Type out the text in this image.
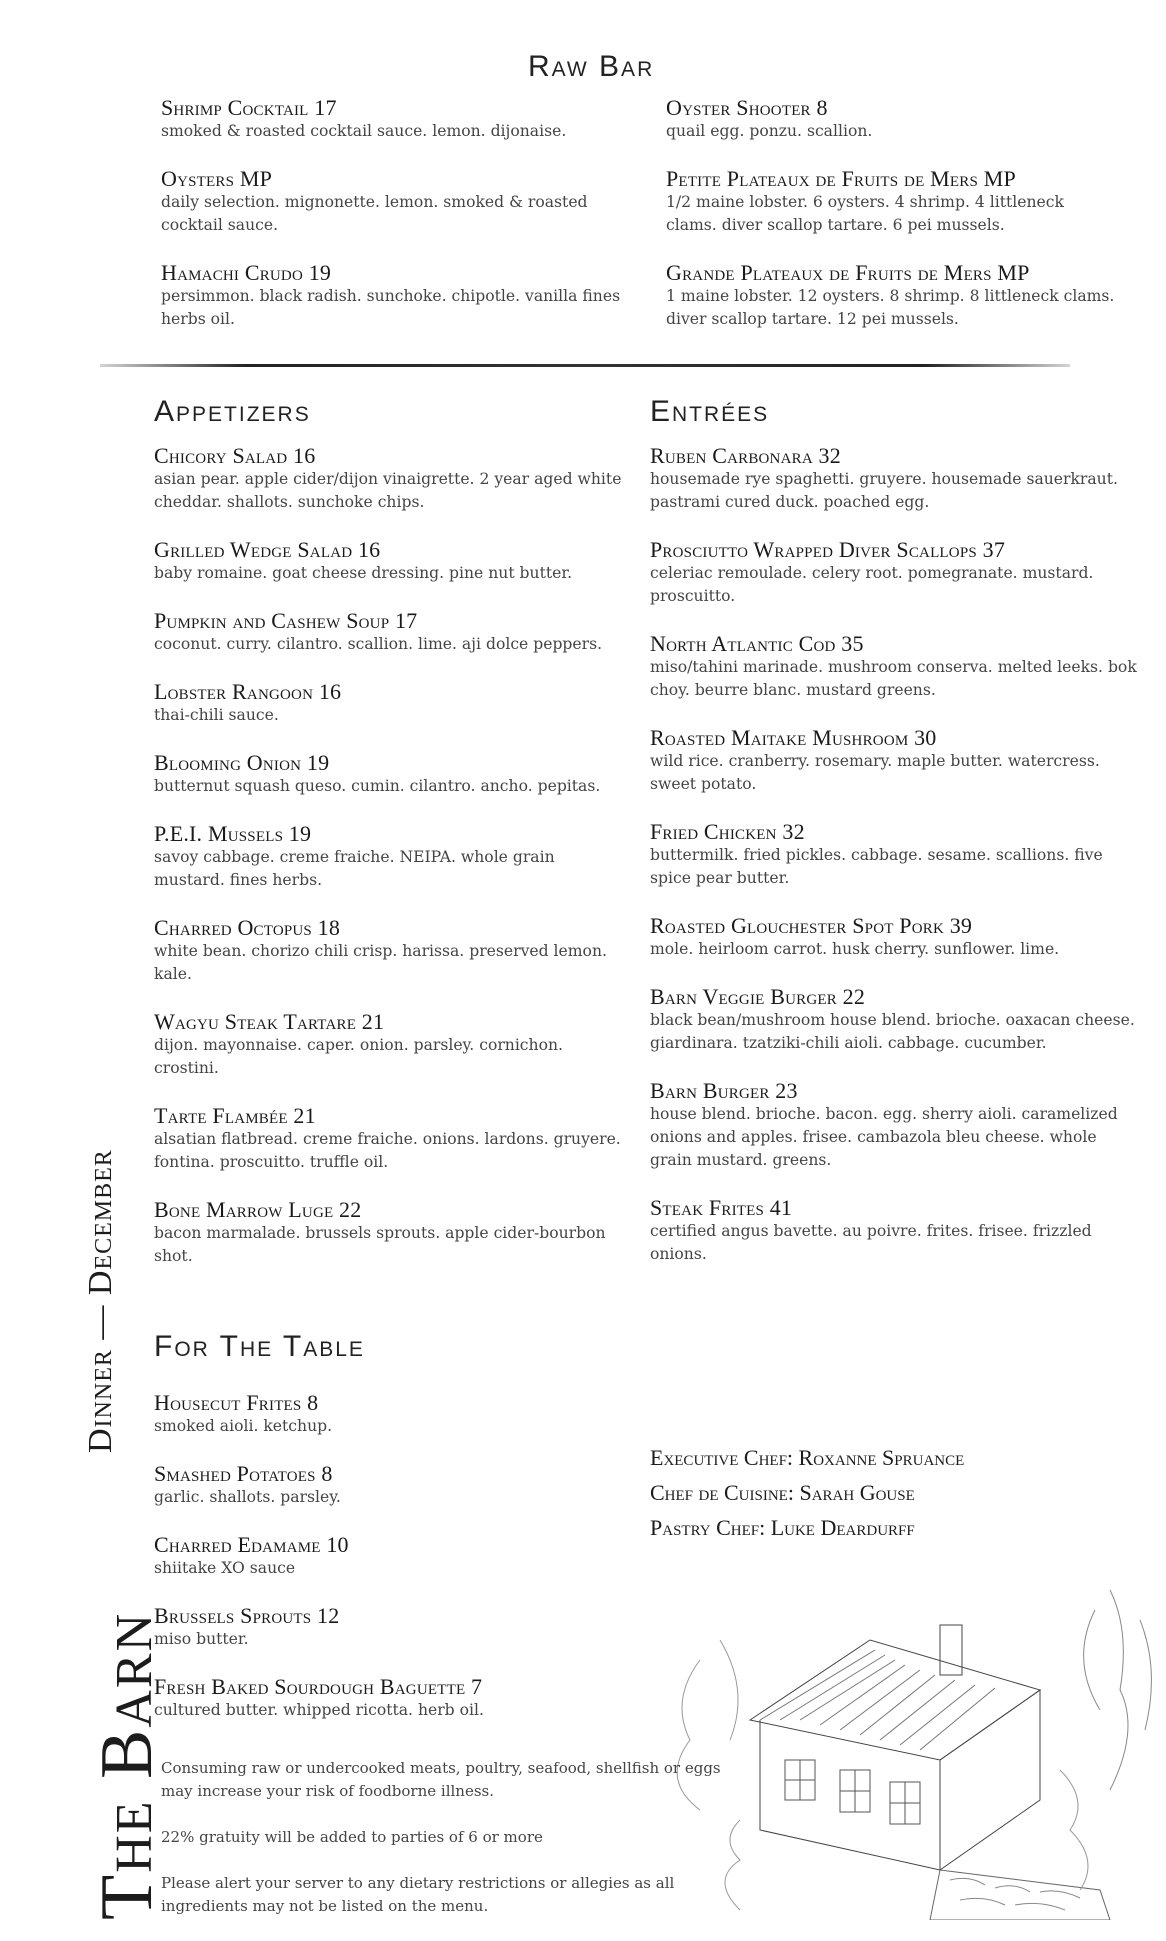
Raw Bar
Shrimp Cocktail 17
smoked & roasted cocktail sauce. lemon. dijonaise.
Oysters MP
daily selection. mignonette. lemon. smoked & roasted cocktail sauce.
Hamachi Crudo 19
persimmon. black radish. sunchoke. chipotle. vanilla fines herbs oil.
Oyster Shooter 8
quail egg. ponzu. scallion.
Petite Plateaux de Fruits de Mers MP
1/2 maine lobster. 6 oysters. 4 shrimp. 4 littleneck clams. diver scallop tartare. 6 pei mussels.
Grande Plateaux de Fruits de Mers MP
1 maine lobster. 12 oysters. 8 shrimp. 8 littleneck clams. diver scallop tartare. 12 pei mussels.
Appetizers
Chicory Salad 16
asian pear. apple cider/dijon vinaigrette. 2 year aged white cheddar. shallots. sunchoke chips.
Grilled Wedge Salad 16
baby romaine. goat cheese dressing. pine nut butter.
Pumpkin and Cashew Soup 17
coconut. curry. cilantro. scallion. lime. aji dolce peppers.
Lobster Rangoon 16
thai-chili sauce.
Blooming Onion 19
butternut squash queso. cumin. cilantro. ancho. pepitas.
P.E.I. Mussels 19
savoy cabbage. creme fraiche. NEIPA. whole grain mustard. fines herbs.
Charred Octopus 18
white bean. chorizo chili crisp. harissa. preserved lemon. kale.
Wagyu Steak Tartare 21
dijon. mayonnaise. caper. onion. parsley. cornichon. crostini.
Tarte Flambée 21
alsatian flatbread. creme fraiche. onions. lardons. gruyere. fontina. proscuitto. truffle oil.
Bone Marrow Luge 22
bacon marmalade. brussels sprouts. apple cider-bourbon shot.
For The Table
Housecut Frites 8
smoked aioli. ketchup.
Smashed Potatoes 8
garlic. shallots. parsley.
Charred Edamame 10
shiitake XO sauce
Brussels Sprouts 12
miso butter.
Fresh Baked Sourdough Baguette 7
cultured butter. whipped ricotta. herb oil.
Entrées
Ruben Carbonara 32
housemade rye spaghetti. gruyere. housemade sauerkraut. pastrami cured duck. poached egg.
Prosciutto Wrapped Diver Scallops 37
celeriac remoulade. celery root. pomegranate. mustard. proscuitto.
North Atlantic Cod 35
miso/tahini marinade. mushroom conserva. melted leeks. bok choy. beurre blanc. mustard greens.
Roasted Maitake Mushroom 30
wild rice. cranberry. rosemary. maple butter. watercress. sweet potato.
Fried Chicken 32
buttermilk. fried pickles. cabbage. sesame. scallions. five spice pear butter.
Roasted Glouchester Spot Pork 39
mole. heirloom carrot. husk cherry. sunflower. lime.
Barn Veggie Burger 22
black bean/mushroom house blend. brioche. oaxacan cheese. giardinara. tzatziki-chili aioli. cabbage. cucumber.
Barn Burger 23
house blend. brioche. bacon. egg. sherry aioli. caramelized onions and apples. frisee. cambazola bleu cheese. whole grain mustard. greens.
Steak Frites 41
certified angus bavette. au poivre. frites. frisee. frizzled onions.
Executive Chef: Roxanne Spruance
Chef de Cuisine: Sarah Gouse
Pastry Chef: Luke Deardurff

Consuming raw or undercooked meats, poultry, seafood, shellfish or eggs may increase your risk of foodborne illness.

22% gratuity will be added to parties of 6 or more

Please alert your server to any dietary restrictions or allegies as all ingredients may not be listed on the menu.

The Barn
Dinner — December
